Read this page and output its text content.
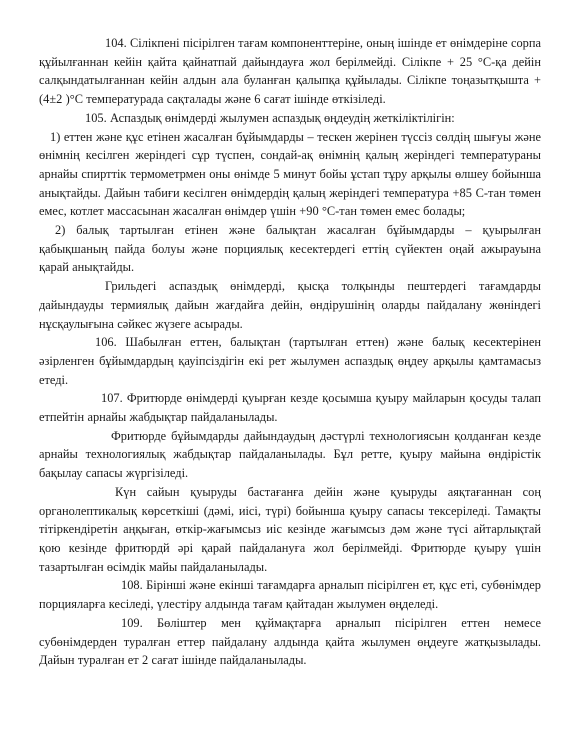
104. Сілікпені пісірілген тағам компоненттеріне, оның ішінде ет өнімдеріне сорпа құйылғаннан кейін қайта қайнатпай дайындауға жол берілмейді. Сілікпе + 25 °С-қа дейін салқындатылғаннан кейін алдын ала буланған қалыпқа құйылады. Сілікпе тоңазытқышта +(4±2 )°С температурада сақталады және 6 сағат ішінде өткізіледі.

105. Аспаздық өнімдерді жылумен аспаздық өңдеудің жеткіліктілігін:

1) еттен және құс етінен жасалған бұйымдарды – тескен жерінен түссіз сөлдің шығуы және өнімнің кесілген жеріндегі сұр түспен, сондай-ақ өнімнің қалың жеріндегі температураны арнайы спирттік термометрмен оны өнімде 5 минут бойы ұстап тұру арқылы өлшеу бойынша анықтайды. Дайын табиғи кесілген өнімдердің қалың жеріндегі температура +85 С-тан төмен емес, котлет массасынан жасалған өнімдер үшін +90 °С-тан төмен емес болады;

2) балық тартылған етінен және балықтан жасалған бұйымдарды – қуырылған қабықшаның пайда болуы және порциялық кесектердегі еттің сүйектен оңай ажырауына қарай анықтайды.

Грильдегі аспаздық өнімдерді, қысқа толқынды пештердегі тағамдарды дайындауды термиялық дайын жағдайға дейін, өндірушінің оларды пайдалану жөніндегі нұсқаулығына сәйкес жүзеге асырады.

106. Шабылған еттен, балықтан (тартылған еттен) және балық кесектерінен әзірленген бұйымдардың қауіпсіздігін екі рет жылумен аспаздық өңдеу арқылы қамтамасыз етеді.

107. Фритюрде өнімдерді қуырған кезде қосымша қуыру майларын қосуды талап етпейтін арнайы жабдықтар пайдаланылады.

Фритюрде бұйымдарды дайындаудың дәстүрлі технологиясын қолданған кезде арнайы технологиялық жабдықтар пайдаланылады. Бұл ретте, қуыру майына өндірістік бақылау сапасы жүргізіледі.

Күн сайын қуыруды бастағанға дейін және қуыруды аяқтағаннан соң органолептикалық көрсеткіші (дәмі, иісі, түрі) бойынша қуыру сапасы тексеріледі. Тамақты тітіркендіретін аңқыған, өткір-жағымсыз иіс кезінде жағымсыз дәм және түсі айтарлықтай қою кезінде фритюрдй әрі қарай пайдалануға жол берілмейді. Фритюрде қуыру үшін тазартылған өсімдік майы пайдаланылады.

108. Бірінші және екінші тағамдарға арналып пісірілген ет, құс еті, субөнімдер порцияларға кесіледі, үлестіру алдында тағам қайтадан жылумен өңделеді.

109. Бөліштер мен құймақтарға арналып пісірілген еттен немесе субөнімдерден туралған еттер пайдалану алдында қайта жылумен өңдеуге жатқызылады. Дайын туралған ет 2 сағат ішінде пайдаланылады.
